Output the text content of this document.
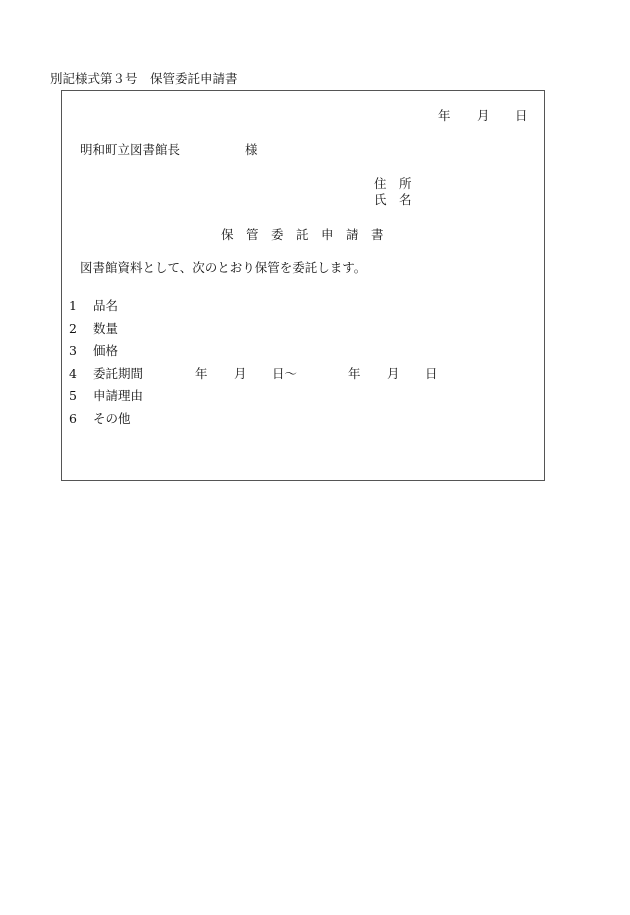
別記様式第３号　保管委託申請書
年 月 日
明和町立図書館長	様
住　所
氏　名
保　管　委　託　申　請　書
図書館資料として、次のとおり保管を委託します。
1 品名
2 数量
3 価格
4 委託期間	年 月 日～	年 月 日
5 申請理由
6 その他
